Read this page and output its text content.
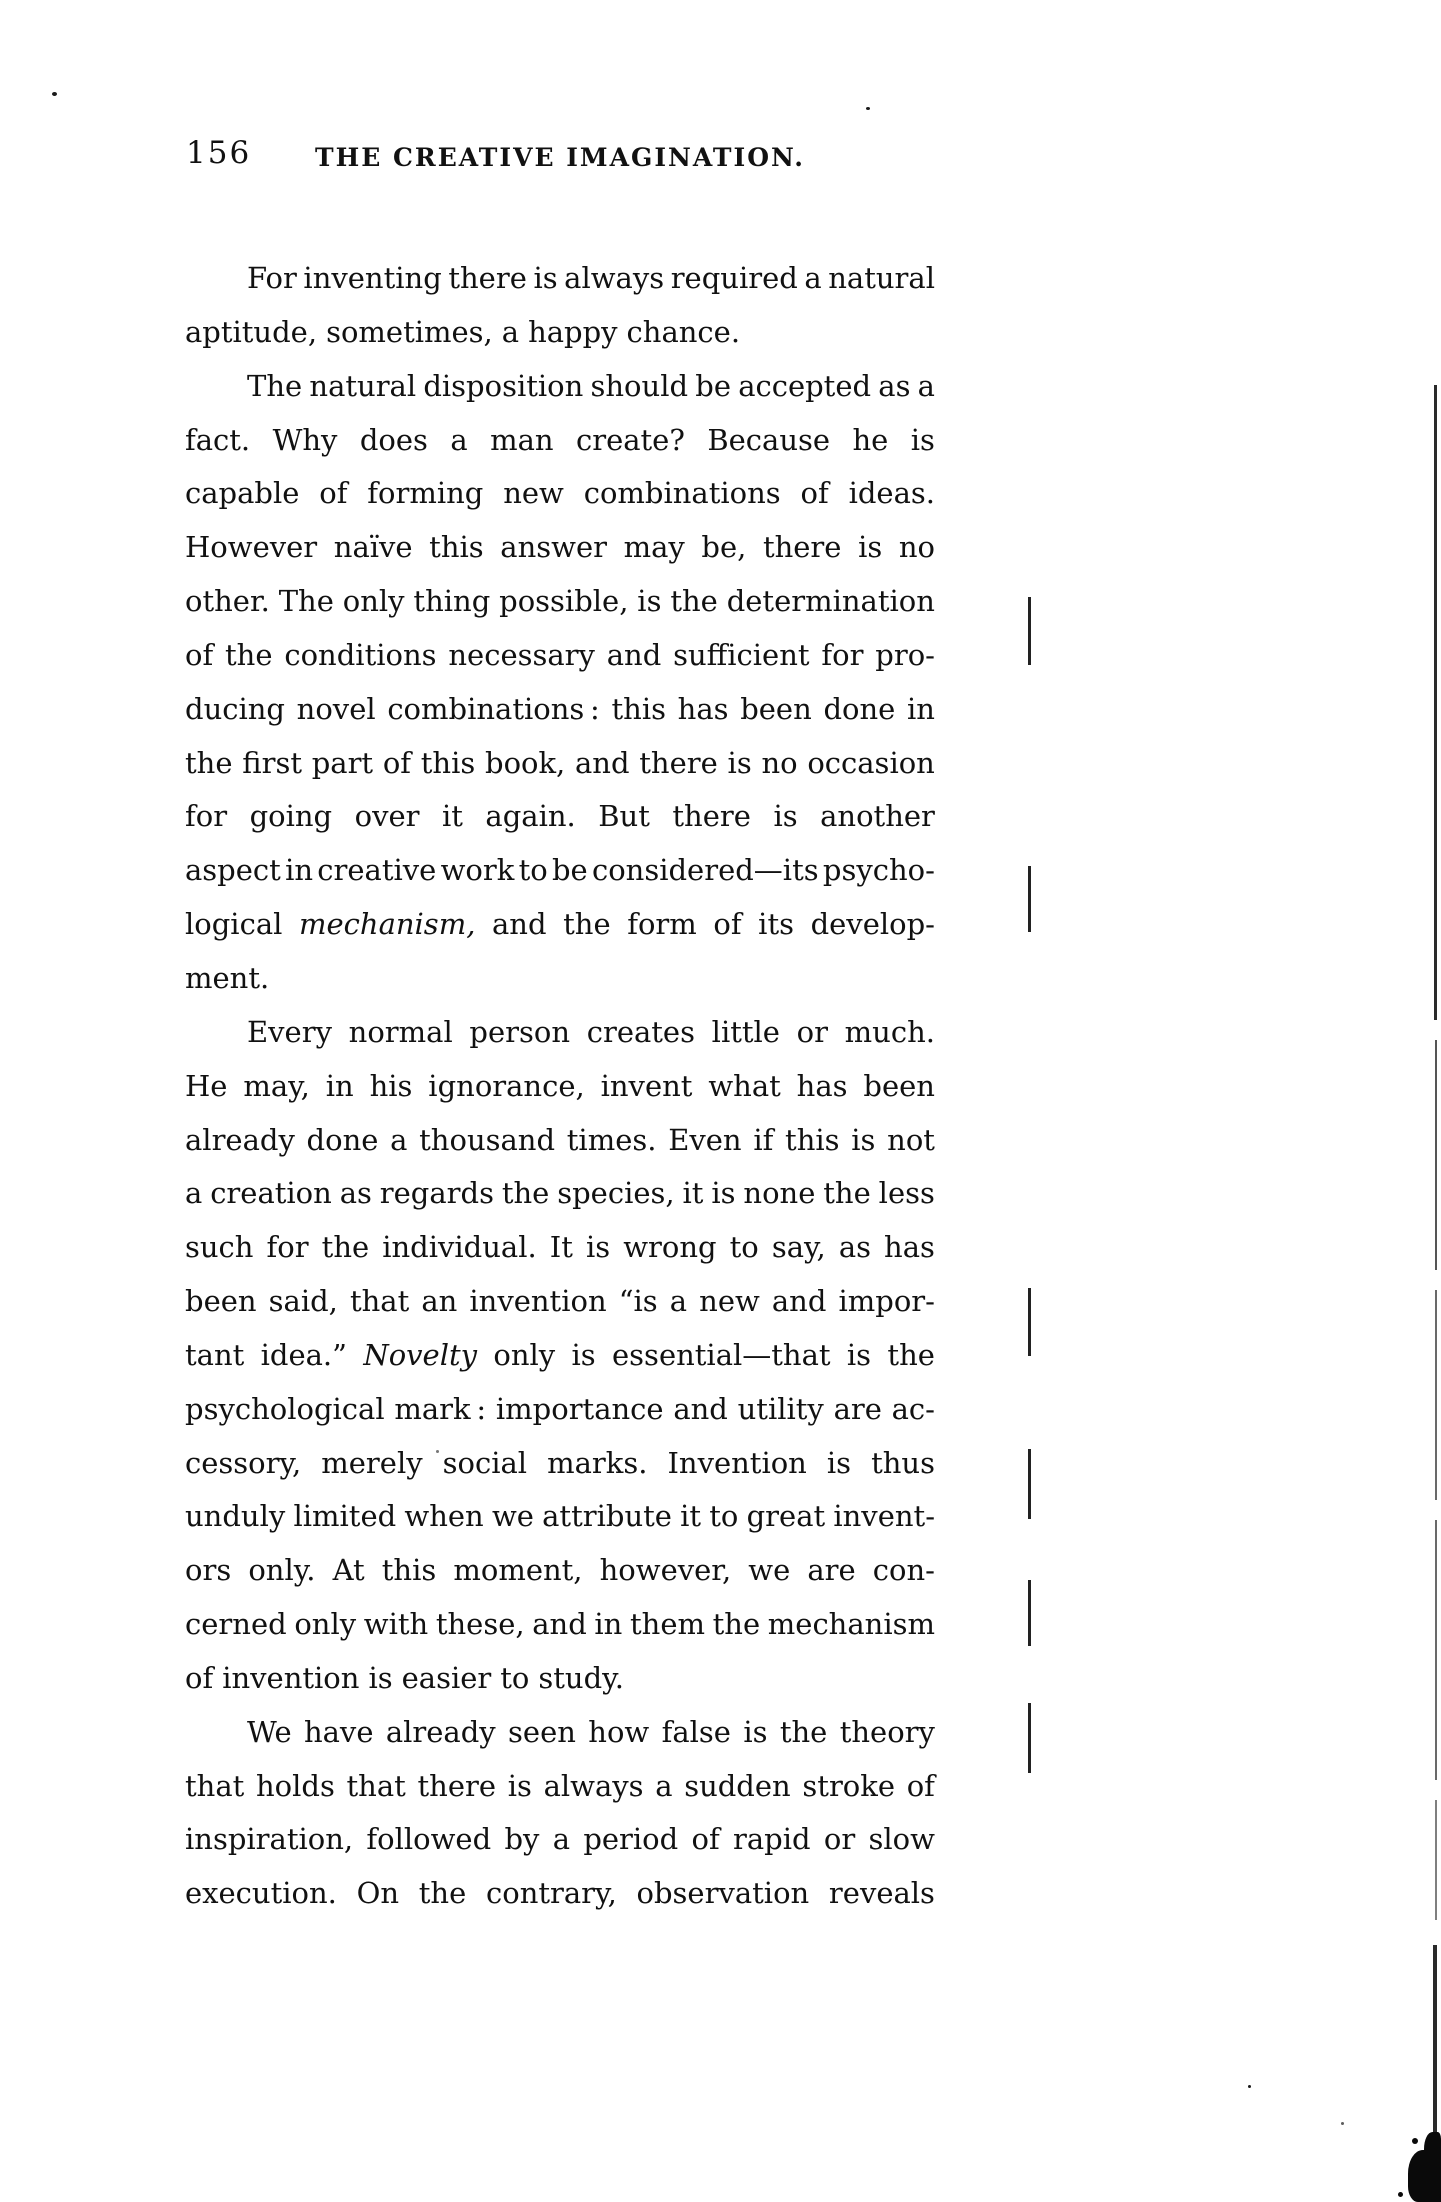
156	THE CREATIVE IMAGINATION.
For inventing there is always required a natural
aptitude, sometimes, a happy chance.
The natural disposition should be accepted as a
fact. Why does a man create? Because he is
capable of forming new combinations of ideas.
However naïve this answer may be, there is no
other. The only thing possible, is the determination
of the conditions necessary and sufficient for pro-
ducing novel combinations : this has been done in
the first part of this book, and there is no occasion
for going over it again. But there is another
aspect in creative work to be considered—its psycho-
logical mechanism, and the form of its develop-
ment.
Every normal person creates little or much.
He may, in his ignorance, invent what has been
already done a thousand times. Even if this is not
a creation as regards the species, it is none the less
such for the individual. It is wrong to say, as has
been said, that an invention “is a new and impor-
tant idea.” Novelty only is essential—that is the
psychological mark : importance and utility are ac-
cessory, merely social marks. Invention is thus
unduly limited when we attribute it to great invent-
ors only. At this moment, however, we are con-
cerned only with these, and in them the mechanism
of invention is easier to study.
We have already seen how false is the theory
that holds that there is always a sudden stroke of
inspiration, followed by a period of rapid or slow
execution. On the contrary, observation reveals
